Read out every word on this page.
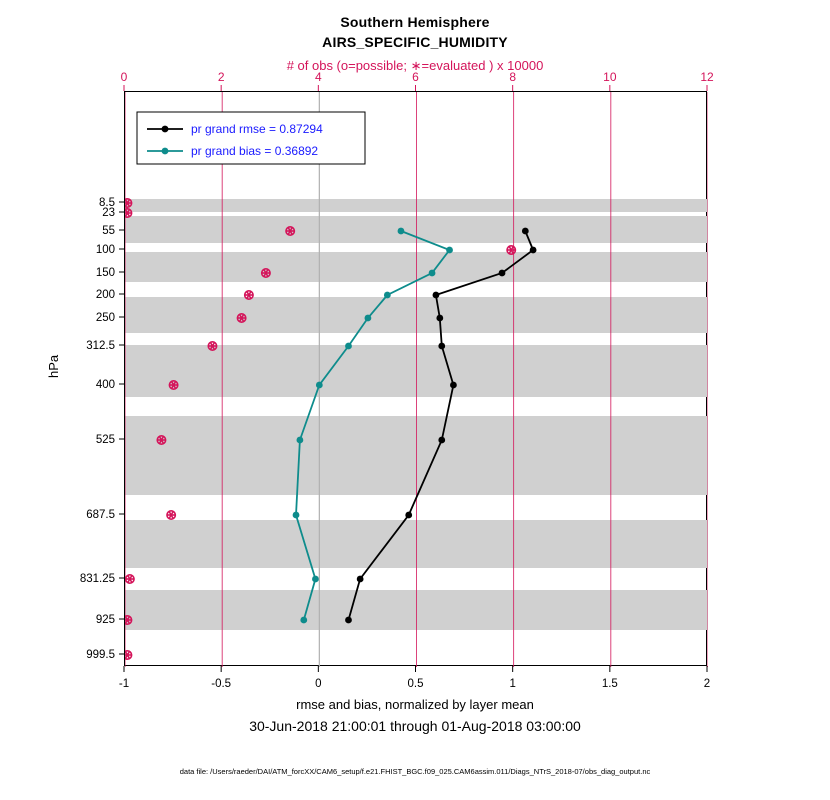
Southern Hemisphere
AIRS_SPECIFIC_HUMIDITY
# of obs (o=possible; ∗=evaluated ) x 10000
hPa
pr grand rmse = 0.87294
pr grand bias = 0.36892
-1	-0.5	0	0.5	1	1.5	2
0	2	4	6	8	10	12
8.5
23
55
100
150
200
250
312.5
400
525
687.5
831.25
925
999.5
rmse and bias, normalized by layer mean
30-Jun-2018 21:00:01 through 01-Aug-2018 03:00:00
data file: /Users/raeder/DAI/ATM_forcXX/CAM6_setup/f.e21.FHIST_BGC.f09_025.CAM6assim.011/Diags_NTrS_2018-07/obs_diag_output.nc
